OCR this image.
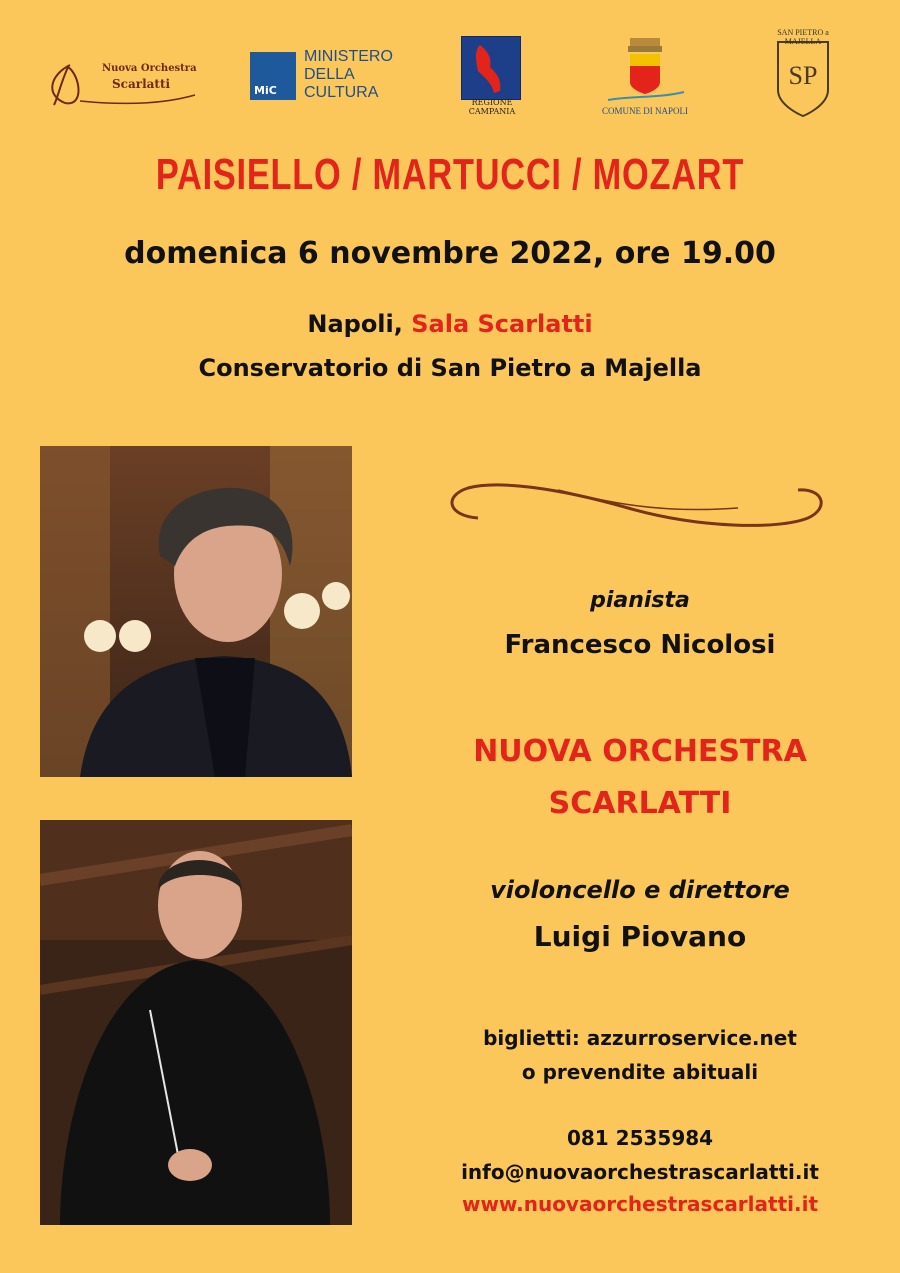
Nuova Orchestra
Scarlatti	MiC
MINISTERO
DELLA
CULTURA
REGIONE CAMPANIA	COMUNE DI NAPOLI
SAN PIETRO a MAJELLA
SP
PAISIELLO / MARTUCCI / MOZART
domenica 6 novembre 2022, ore 19.00
Napoli, Sala Scarlatti
Conservatorio di San Pietro a Majella
pianista
Francesco Nicolosi
NUOVA ORCHESTRA
SCARLATTI
violoncello e direttore
Luigi Piovano
biglietti: azzurroservice.net
o prevendite abituali
081 2535984
info@nuovaorchestrascarlatti.it
www.nuovaorchestrascarlatti.it
